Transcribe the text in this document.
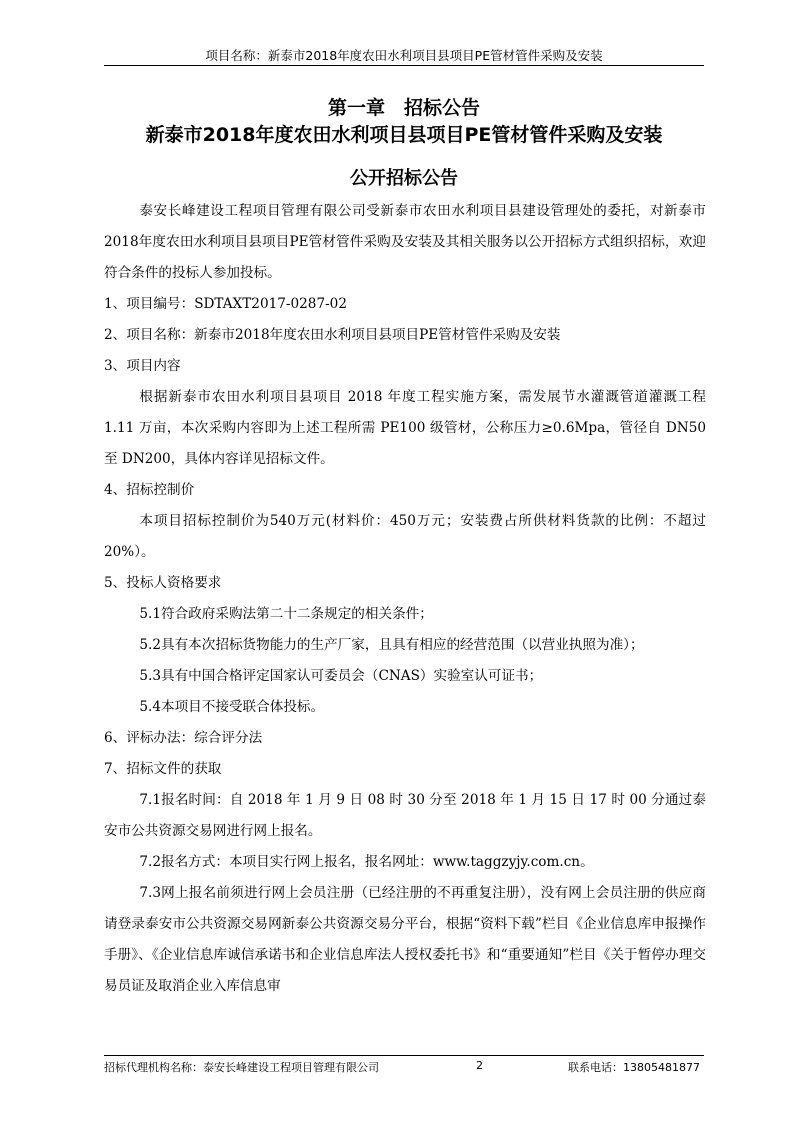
项目名称：新泰市2018年度农田水利项目县项目PE管材管件采购及安装
第一章　招标公告
新泰市2018年度农田水利项目县项目PE管材管件采购及安装
公开招标公告

泰安长峰建设工程项目管理有限公司受新泰市农田水利项目县建设管理处的委托，对新泰市2018年度农田水利项目县项目PE管材管件采购及安装及其相关服务以公开招标方式组织招标，欢迎符合条件的投标人参加投标。

1、项目编号：SDTAXT2017-0287-02

2、项目名称：新泰市2018年度农田水利项目县项目PE管材管件采购及安装

3、项目内容

根据新泰市农田水利项目县项目 2018 年度工程实施方案，需发展节水灌溉管道灌溉工程 1.11 万亩，本次采购内容即为上述工程所需 PE100 级管材，公称压力≥0.6Mpa，管径自 DN50 至 DN200，具体内容详见招标文件。

4、招标控制价

本项目招标控制价为540万元(材料价：450万元；安装费占所供材料货款的比例：不超过20%）。

5、投标人资格要求

5.1符合政府采购法第二十二条规定的相关条件；

5.2具有本次招标货物能力的生产厂家，且具有相应的经营范围（以营业执照为准）；

5.3具有中国合格评定国家认可委员会（CNAS）实验室认可证书；

5.4本项目不接受联合体投标。

6、评标办法：综合评分法

7、招标文件的获取

7.1报名时间：自 2018 年 1 月 9 日 08 时 30 分至 2018 年 1 月 15 日 17 时 00 分通过泰安市公共资源交易网进行网上报名。

7.2报名方式：本项目实行网上报名，报名网址：www.taggzyjy.com.cn。

7.3网上报名前须进行网上会员注册（已经注册的不再重复注册），没有网上会员注册的供应商请登录泰安市公共资源交易网新泰公共资源交易分平台，根据“资料下载”栏目《企业信息库申报操作手册》、《企业信息库诚信承诺书和企业信息库法人授权委托书》和“重要通知”栏目《关于暂停办理交易员证及取消企业入库信息审

招标代理机构名称：泰安长峰建设工程项目管理有限公司	2	联系电话：13805481877
